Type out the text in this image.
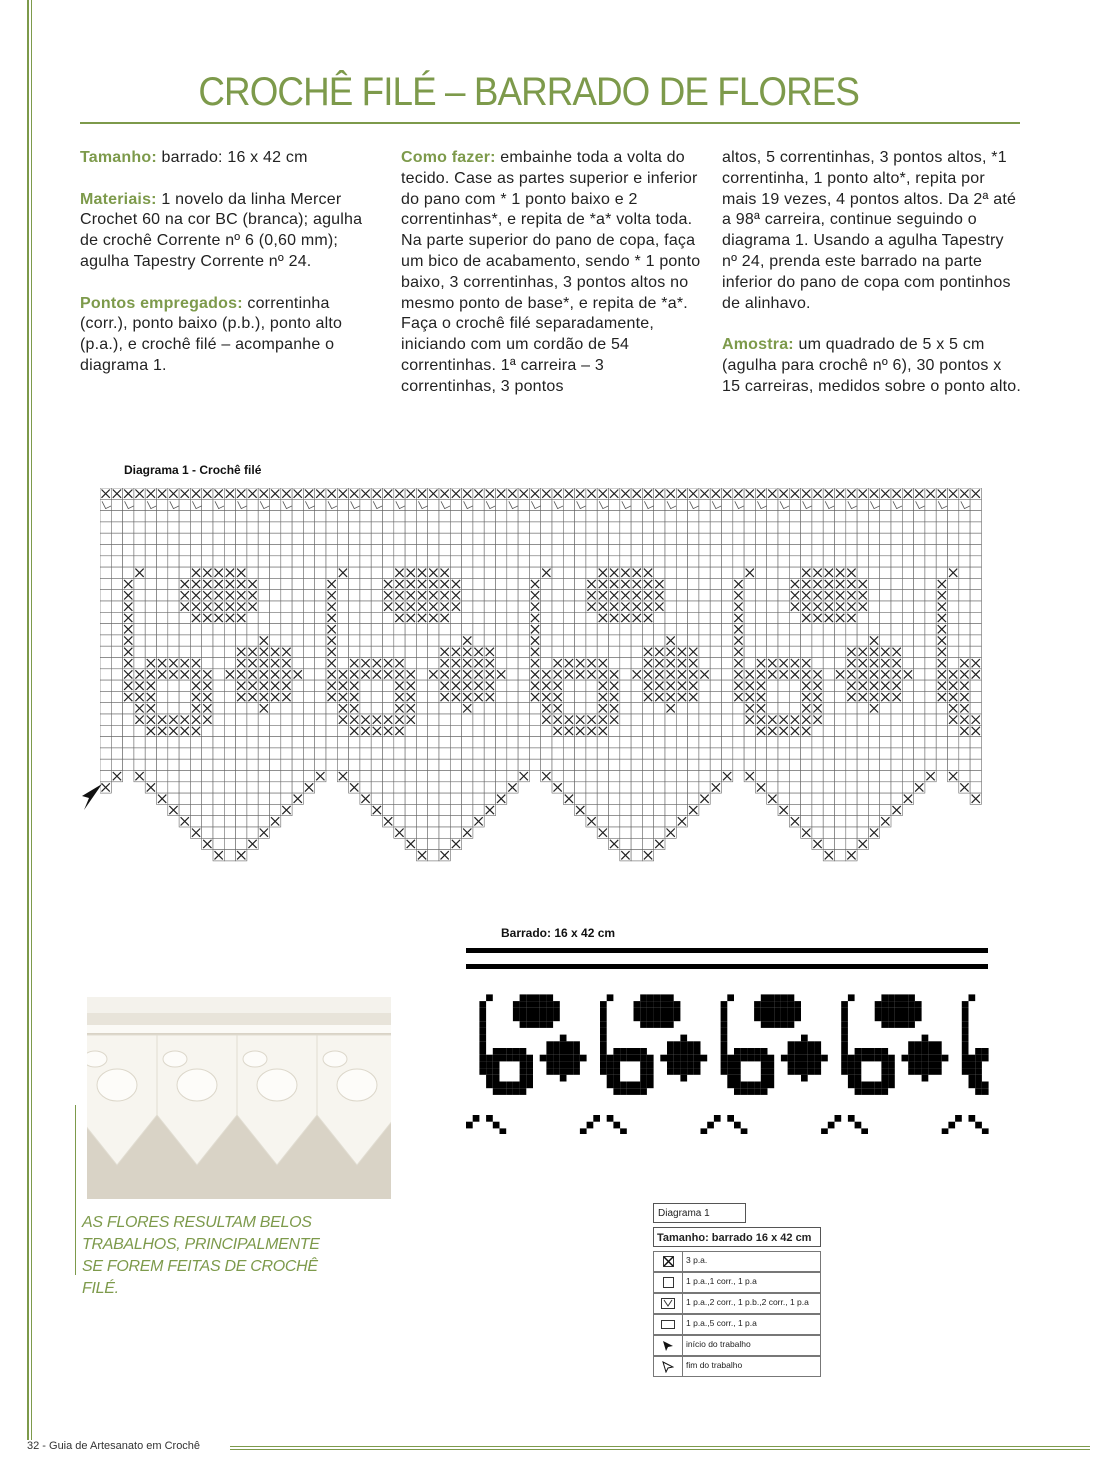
CROCHÊ FILÉ – BARRADO DE FLORES

Tamanho: barrado: 16 x 42 cm

Materiais: 1 novelo da linha Mercer Crochet 60 na cor BC (branca); agulha de crochê Corrente nº 6 (0,60 mm); agulha Tapestry Corrente nº 24.

Pontos empregados: correntinha (corr.), ponto baixo (p.b.), ponto alto (p.a.), e crochê filé – acompanhe o diagrama 1.

Como fazer: embainhe toda a volta do tecido. Case as partes superior e inferior do pano com * 1 ponto baixo e 2 correntinhas*, e repita de *a* volta toda. Na parte superior do pano de copa, faça um bico de acabamento, sendo * 1 ponto baixo, 3 correntinhas, 3 pontos altos no mesmo ponto de base*, e repita de *a*. Faça o crochê filé separadamente, iniciando com um cordão de 54 correntinhas. 1ª carreira – 3 correntinhas, 3 pontos

altos, 5 correntinhas, 3 pontos altos, *1 correntinha, 1 ponto alto*, repita por mais 19 vezes, 4 pontos altos. Da 2ª até a 98ª carreira, continue seguindo o diagrama 1. Usando a agulha Tapestry nº 24, prenda este barrado na parte inferior do pano de copa com pontinhos de alinhavo.

Amostra: um quadrado de 5 x 5 cm (agulha para crochê nº 6), 30 pontos x 15 carreiras, medidos sobre o ponto alto.

Diagrama 1 - Crochê filé
Barrado: 16 x 42 cm
AS FLORES RESULTAM BELOS TRABALHOS, PRINCIPALMENTE SE FOREM FEITAS DE CROCHÊ FILÉ.
Diagrama 1
Tamanho: barrado 16 x 42 cm
3 p.a.
1 p.a.,1 corr., 1 p.a
1 p.a.,2 corr., 1 p.b.,2 corr., 1 p.a
1 p.a.,5 corr., 1 p.a
início do trabalho
fim do trabalho
32 - Guia de Artesanato em Crochê
